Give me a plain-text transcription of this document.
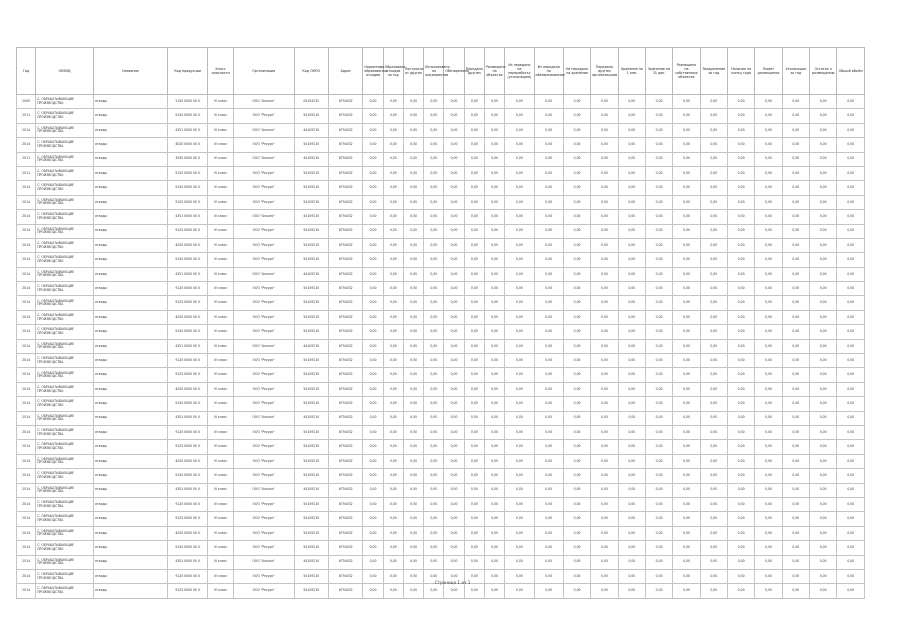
Год	ОКВЭД	Название	Код продукции	Класс опасности	Организация	Код ОКПО	Адрес	Нормативы образования отходов	Образовано отходов за год	Поступило от других	Использовано на предприятии	Обезврежено	Передано другим	Размещено на объектах	Из передано на переработку (утилизацию)	Из передано на обезвреживание	Из передано на хранение	Передано другим организациям	Хранение на 1 янв.	Хранение на 31 дек.	Размещено на собственных объектах	Захоронение за год	Наличие на конец года	Лимит размещения	Утилизация за год	Остаток к размещению	Общий объём
2005	С. ОБРАБАТЫВАЮЩИЕ ПРОИЗВОДСТВА	отходы	2150 0000 00 0	IV класс	ООО "Альянс"	04154232	6754032	0,00	0,00	0,00	0,00	0,00	0,00	0,00	0,00	0,00	0,00	0,00	0,00	0,00	0,00	0,00	0,00	0,00	0,00	0,00	0,00
2011	С. ОБРАБАТЫВАЮЩИЕ ПРОИЗВОДСТВА	отходы	9120 0000 00 0	III класс	ООО "Ресурс"	54109210	6754032	0,00	0,00	0,00	0,00	0,00	0,00	0,00	0,00	0,00	0,00	0,00	0,00	0,00	0,00	0,00	0,00	0,00	0,00	0,00	0,00
2014	С. ОБРАБАТЫВАЮЩИЕ ПРОИЗВОДСТВА	отходы	4351 0000 00 0	III класс	ООО "Альянс"	44109210	6754032	0,00	0,00	0,00	0,00	0,00	0,00	0,00	0,00	0,00	0,00	0,00	0,00	0,00	0,00	0,00	0,00	0,00	0,00	0,00	0,00
2014	С. ОБРАБАТЫВАЮЩИЕ ПРОИЗВОДСТВА	отходы	4020 0000 00 0	IV класс	ООО "Ресурс"	54109210	6754032	0,00	0,00	0,00	0,00	0,00	0,00	0,00	0,00	0,00	0,00	0,00	0,00	0,00	0,00	0,00	0,00	0,00	0,00	0,00	0,00
2011	С. ОБРАБАТЫВАЮЩИЕ ПРОИЗВОДСТВА	отходы	3545 0000 00 0	IV класс	ООО "Альянс"	44109210	6754032	0,00	0,00	0,00	0,00	0,00	0,00	0,00	0,00	0,00	0,00	0,00	0,00	0,00	0,00	0,00	0,00	0,00	0,00	0,00	0,00
2011	С. ОБРАБАТЫВАЮЩИЕ ПРОИЗВОДСТВА	отходы	9120 0000 00 0	III класс	ООО "Ресурс"	54109210	6754032	0,00	0,00	0,00	0,00	0,00	0,00	0,00	0,00	0,00	0,00	0,00	0,00	0,00	0,00	0,00	0,00	0,00	0,00	0,00	0,00
2014	С. ОБРАБАТЫВАЮЩИЕ ПРОИЗВОДСТВА	отходы	9120 0000 00 0	IV класс	ООО "Ресурс"	54109210	6754032	0,00	0,00	0,00	0,00	0,00	0,00	0,00	0,00	0,00	0,00	0,00	0,00	0,00	0,00	0,00	0,00	0,00	0,00	0,00	0,00
2014	С. ОБРАБАТЫВАЮЩИЕ ПРОИЗВОДСТВА	отходы	9120 0000 00 0	IV класс	ООО "Ресурс"	54109210	6754032	0,00	0,00	0,00	0,00	0,00	0,00	0,00	0,00	0,00	0,00	0,00	0,00	0,00	0,00	0,00	0,00	0,00	0,00	0,00	0,00
2014	С. ОБРАБАТЫВАЮЩИЕ ПРОИЗВОДСТВА	отходы	4351 0000 00 0	III класс	ООО "Альянс"	44109210	6754032	0,00	0,00	0,00	0,00	0,00	0,00	0,00	0,00	0,00	0,00	0,00	0,00	0,00	0,00	0,00	0,00	0,00	0,00	0,00	0,00
2014	С. ОБРАБАТЫВАЮЩИЕ ПРОИЗВОДСТВА	отходы	9120 0000 00 0	IV класс	ООО "Ресурс"	54109210	6754032	0,00	0,00	0,00	0,00	0,00	0,00	0,00	0,00	0,00	0,00	0,00	0,00	0,00	0,00	0,00	0,00	0,00	0,00	0,00	0,00
2014	С. ОБРАБАТЫВАЮЩИЕ ПРОИЗВОДСТВА	отходы	4020 0000 00 0	IV класс	ООО "Ресурс"	54109210	6754032	0,00	0,00	0,00	0,00	0,00	0,00	0,00	0,00	0,00	0,00	0,00	0,00	0,00	0,00	0,00	0,00	0,00	0,00	0,00	0,00
2014	С. ОБРАБАТЫВАЮЩИЕ ПРОИЗВОДСТВА	отходы	9120 0000 00 0	IV класс	ООО "Ресурс"	54109210	6754032	0,00	0,00	0,00	0,00	0,00	0,00	0,00	0,00	0,00	0,00	0,00	0,00	0,00	0,00	0,00	0,00	0,00	0,00	0,00	0,00
2014	С. ОБРАБАТЫВАЮЩИЕ ПРОИЗВОДСТВА	отходы	4351 0000 00 0	III класс	ООО "Альянс"	44109210	6754032	0,00	0,00	0,00	0,00	0,00	0,00	0,00	0,00	0,00	0,00	0,00	0,00	0,00	0,00	0,00	0,00	0,00	0,00	0,00	0,00
2014	С. ОБРАБАТЫВАЮЩИЕ ПРОИЗВОДСТВА	отходы	9120 0000 00 0	IV класс	ООО "Ресурс"	54109210	6754032	0,00	0,00	0,00	0,00	0,00	0,00	0,00	0,00	0,00	0,00	0,00	0,00	0,00	0,00	0,00	0,00	0,00	0,00	0,00	0,00
2014	С. ОБРАБАТЫВАЮЩИЕ ПРОИЗВОДСТВА	отходы	9120 0000 00 0	IV класс	ООО "Ресурс"	54109210	6754032	0,00	0,00	0,00	0,00	0,00	0,00	0,00	0,00	0,00	0,00	0,00	0,00	0,00	0,00	0,00	0,00	0,00	0,00	0,00	0,00
2014	С. ОБРАБАТЫВАЮЩИЕ ПРОИЗВОДСТВА	отходы	4020 0000 00 0	IV класс	ООО "Ресурс"	54109210	6754032	0,00	0,00	0,00	0,00	0,00	0,00	0,00	0,00	0,00	0,00	0,00	0,00	0,00	0,00	0,00	0,00	0,00	0,00	0,00	0,00
2014	С. ОБРАБАТЫВАЮЩИЕ ПРОИЗВОДСТВА	отходы	9120 0000 00 0	IV класс	ООО "Ресурс"	54109210	6754032	0,00	0,00	0,00	0,00	0,00	0,00	0,00	0,00	0,00	0,00	0,00	0,00	0,00	0,00	0,00	0,00	0,00	0,00	0,00	0,00
2014	С. ОБРАБАТЫВАЮЩИЕ ПРОИЗВОДСТВА	отходы	4351 0000 00 0	III класс	ООО "Альянс"	44109210	6754032	0,00	0,00	0,00	0,00	0,00	0,00	0,00	0,00	0,00	0,00	0,00	0,00	0,00	0,00	0,00	0,00	0,00	0,00	0,00	0,00
2014	С. ОБРАБАТЫВАЮЩИЕ ПРОИЗВОДСТВА	отходы	9120 0000 00 0	IV класс	ООО "Ресурс"	54109210	6754032	0,00	0,00	0,00	0,00	0,00	0,00	0,00	0,00	0,00	0,00	0,00	0,00	0,00	0,00	0,00	0,00	0,00	0,00	0,00	0,00
2014	С. ОБРАБАТЫВАЮЩИЕ ПРОИЗВОДСТВА	отходы	9120 0000 00 0	IV класс	ООО "Ресурс"	54109210	6754032	0,00	0,00	0,00	0,00	0,00	0,00	0,00	0,00	0,00	0,00	0,00	0,00	0,00	0,00	0,00	0,00	0,00	0,00	0,00	0,00
2014	С. ОБРАБАТЫВАЮЩИЕ ПРОИЗВОДСТВА	отходы	4020 0000 00 0	IV класс	ООО "Ресурс"	54109210	6754032	0,00	0,00	0,00	0,00	0,00	0,00	0,00	0,00	0,00	0,00	0,00	0,00	0,00	0,00	0,00	0,00	0,00	0,00	0,00	0,00
2014	С. ОБРАБАТЫВАЮЩИЕ ПРОИЗВОДСТВА	отходы	9120 0000 00 0	IV класс	ООО "Ресурс"	54109210	6754032	0,00	0,00	0,00	0,00	0,00	0,00	0,00	0,00	0,00	0,00	0,00	0,00	0,00	0,00	0,00	0,00	0,00	0,00	0,00	0,00
2014	С. ОБРАБАТЫВАЮЩИЕ ПРОИЗВОДСТВА	отходы	4351 0000 00 0	III класс	ООО "Альянс"	44109210	6754032	0,00	0,00	0,00	0,00	0,00	0,00	0,00	0,00	0,00	0,00	0,00	0,00	0,00	0,00	0,00	0,00	0,00	0,00	0,00	0,00
2014	С. ОБРАБАТЫВАЮЩИЕ ПРОИЗВОДСТВА	отходы	9120 0000 00 0	IV класс	ООО "Ресурс"	54109210	6754032	0,00	0,00	0,00	0,00	0,00	0,00	0,00	0,00	0,00	0,00	0,00	0,00	0,00	0,00	0,00	0,00	0,00	0,00	0,00	0,00
2014	С. ОБРАБАТЫВАЮЩИЕ ПРОИЗВОДСТВА	отходы	9120 0000 00 0	IV класс	ООО "Ресурс"	54109210	6754032	0,00	0,00	0,00	0,00	0,00	0,00	0,00	0,00	0,00	0,00	0,00	0,00	0,00	0,00	0,00	0,00	0,00	0,00	0,00	0,00
2014	С. ОБРАБАТЫВАЮЩИЕ ПРОИЗВОДСТВА	отходы	4020 0000 00 0	IV класс	ООО "Ресурс"	54109210	6754032	0,00	0,00	0,00	0,00	0,00	0,00	0,00	0,00	0,00	0,00	0,00	0,00	0,00	0,00	0,00	0,00	0,00	0,00	0,00	0,00
2014	С. ОБРАБАТЫВАЮЩИЕ ПРОИЗВОДСТВА	отходы	9120 0000 00 0	IV класс	ООО "Ресурс"	54109210	6754032	0,00	0,00	0,00	0,00	0,00	0,00	0,00	0,00	0,00	0,00	0,00	0,00	0,00	0,00	0,00	0,00	0,00	0,00	0,00	0,00
2014	С. ОБРАБАТЫВАЮЩИЕ ПРОИЗВОДСТВА	отходы	4351 0000 00 0	III класс	ООО "Альянс"	44109210	6754032	0,00	0,00	0,00	0,00	0,00	0,00	0,00	0,00	0,00	0,00	0,00	0,00	0,00	0,00	0,00	0,00	0,00	0,00	0,00	0,00
2014	С. ОБРАБАТЫВАЮЩИЕ ПРОИЗВОДСТВА	отходы	9120 0000 00 0	IV класс	ООО "Ресурс"	54109210	6754032	0,00	0,00	0,00	0,00	0,00	0,00	0,00	0,00	0,00	0,00	0,00	0,00	0,00	0,00	0,00	0,00	0,00	0,00	0,00	0,00
2014	С. ОБРАБАТЫВАЮЩИЕ ПРОИЗВОДСТВА	отходы	9120 0000 00 0	IV класс	ООО "Ресурс"	54109210	6754032	0,00	0,00	0,00	0,00	0,00	0,00	0,00	0,00	0,00	0,00	0,00	0,00	0,00	0,00	0,00	0,00	0,00	0,00	0,00	0,00
2014	С. ОБРАБАТЫВАЮЩИЕ ПРОИЗВОДСТВА	отходы	4020 0000 00 0	IV класс	ООО "Ресурс"	54109210	6754032	0,00	0,00	0,00	0,00	0,00	0,00	0,00	0,00	0,00	0,00	0,00	0,00	0,00	0,00	0,00	0,00	0,00	0,00	0,00	0,00
2014	С. ОБРАБАТЫВАЮЩИЕ ПРОИЗВОДСТВА	отходы	9120 0000 00 0	IV класс	ООО "Ресурс"	54109210	6754032	0,00	0,00	0,00	0,00	0,00	0,00	0,00	0,00	0,00	0,00	0,00	0,00	0,00	0,00	0,00	0,00	0,00	0,00	0,00	0,00
2014	С. ОБРАБАТЫВАЮЩИЕ ПРОИЗВОДСТВА	отходы	4351 0000 00 0	III класс	ООО "Альянс"	44109210	6754032	0,00	0,00	0,00	0,00	0,00	0,00	0,00	0,00	0,00	0,00	0,00	0,00	0,00	0,00	0,00	0,00	0,00	0,00	0,00	0,00
2014	С. ОБРАБАТЫВАЮЩИЕ ПРОИЗВОДСТВА	отходы	9120 0000 00 0	IV класс	ООО "Ресурс"	54109210	6754032	0,00	0,00	0,00	0,00	0,00	0,00	0,00	0,00	0,00	0,00	0,00	0,00	0,00	0,00	0,00	0,00	0,00	0,00	0,00	0,00
2014	С. ОБРАБАТЫВАЮЩИЕ ПРОИЗВОДСТВА	отходы	9120 0000 00 0	IV класс	ООО "Ресурс"	54109210	6754032	0,00	0,00	0,00	0,00	0,00	0,00	0,00	0,00	0,00	0,00	0,00	0,00	0,00	0,00	0,00	0,00	0,00	0,00	0,00	0,00
Страница 1 из 1
